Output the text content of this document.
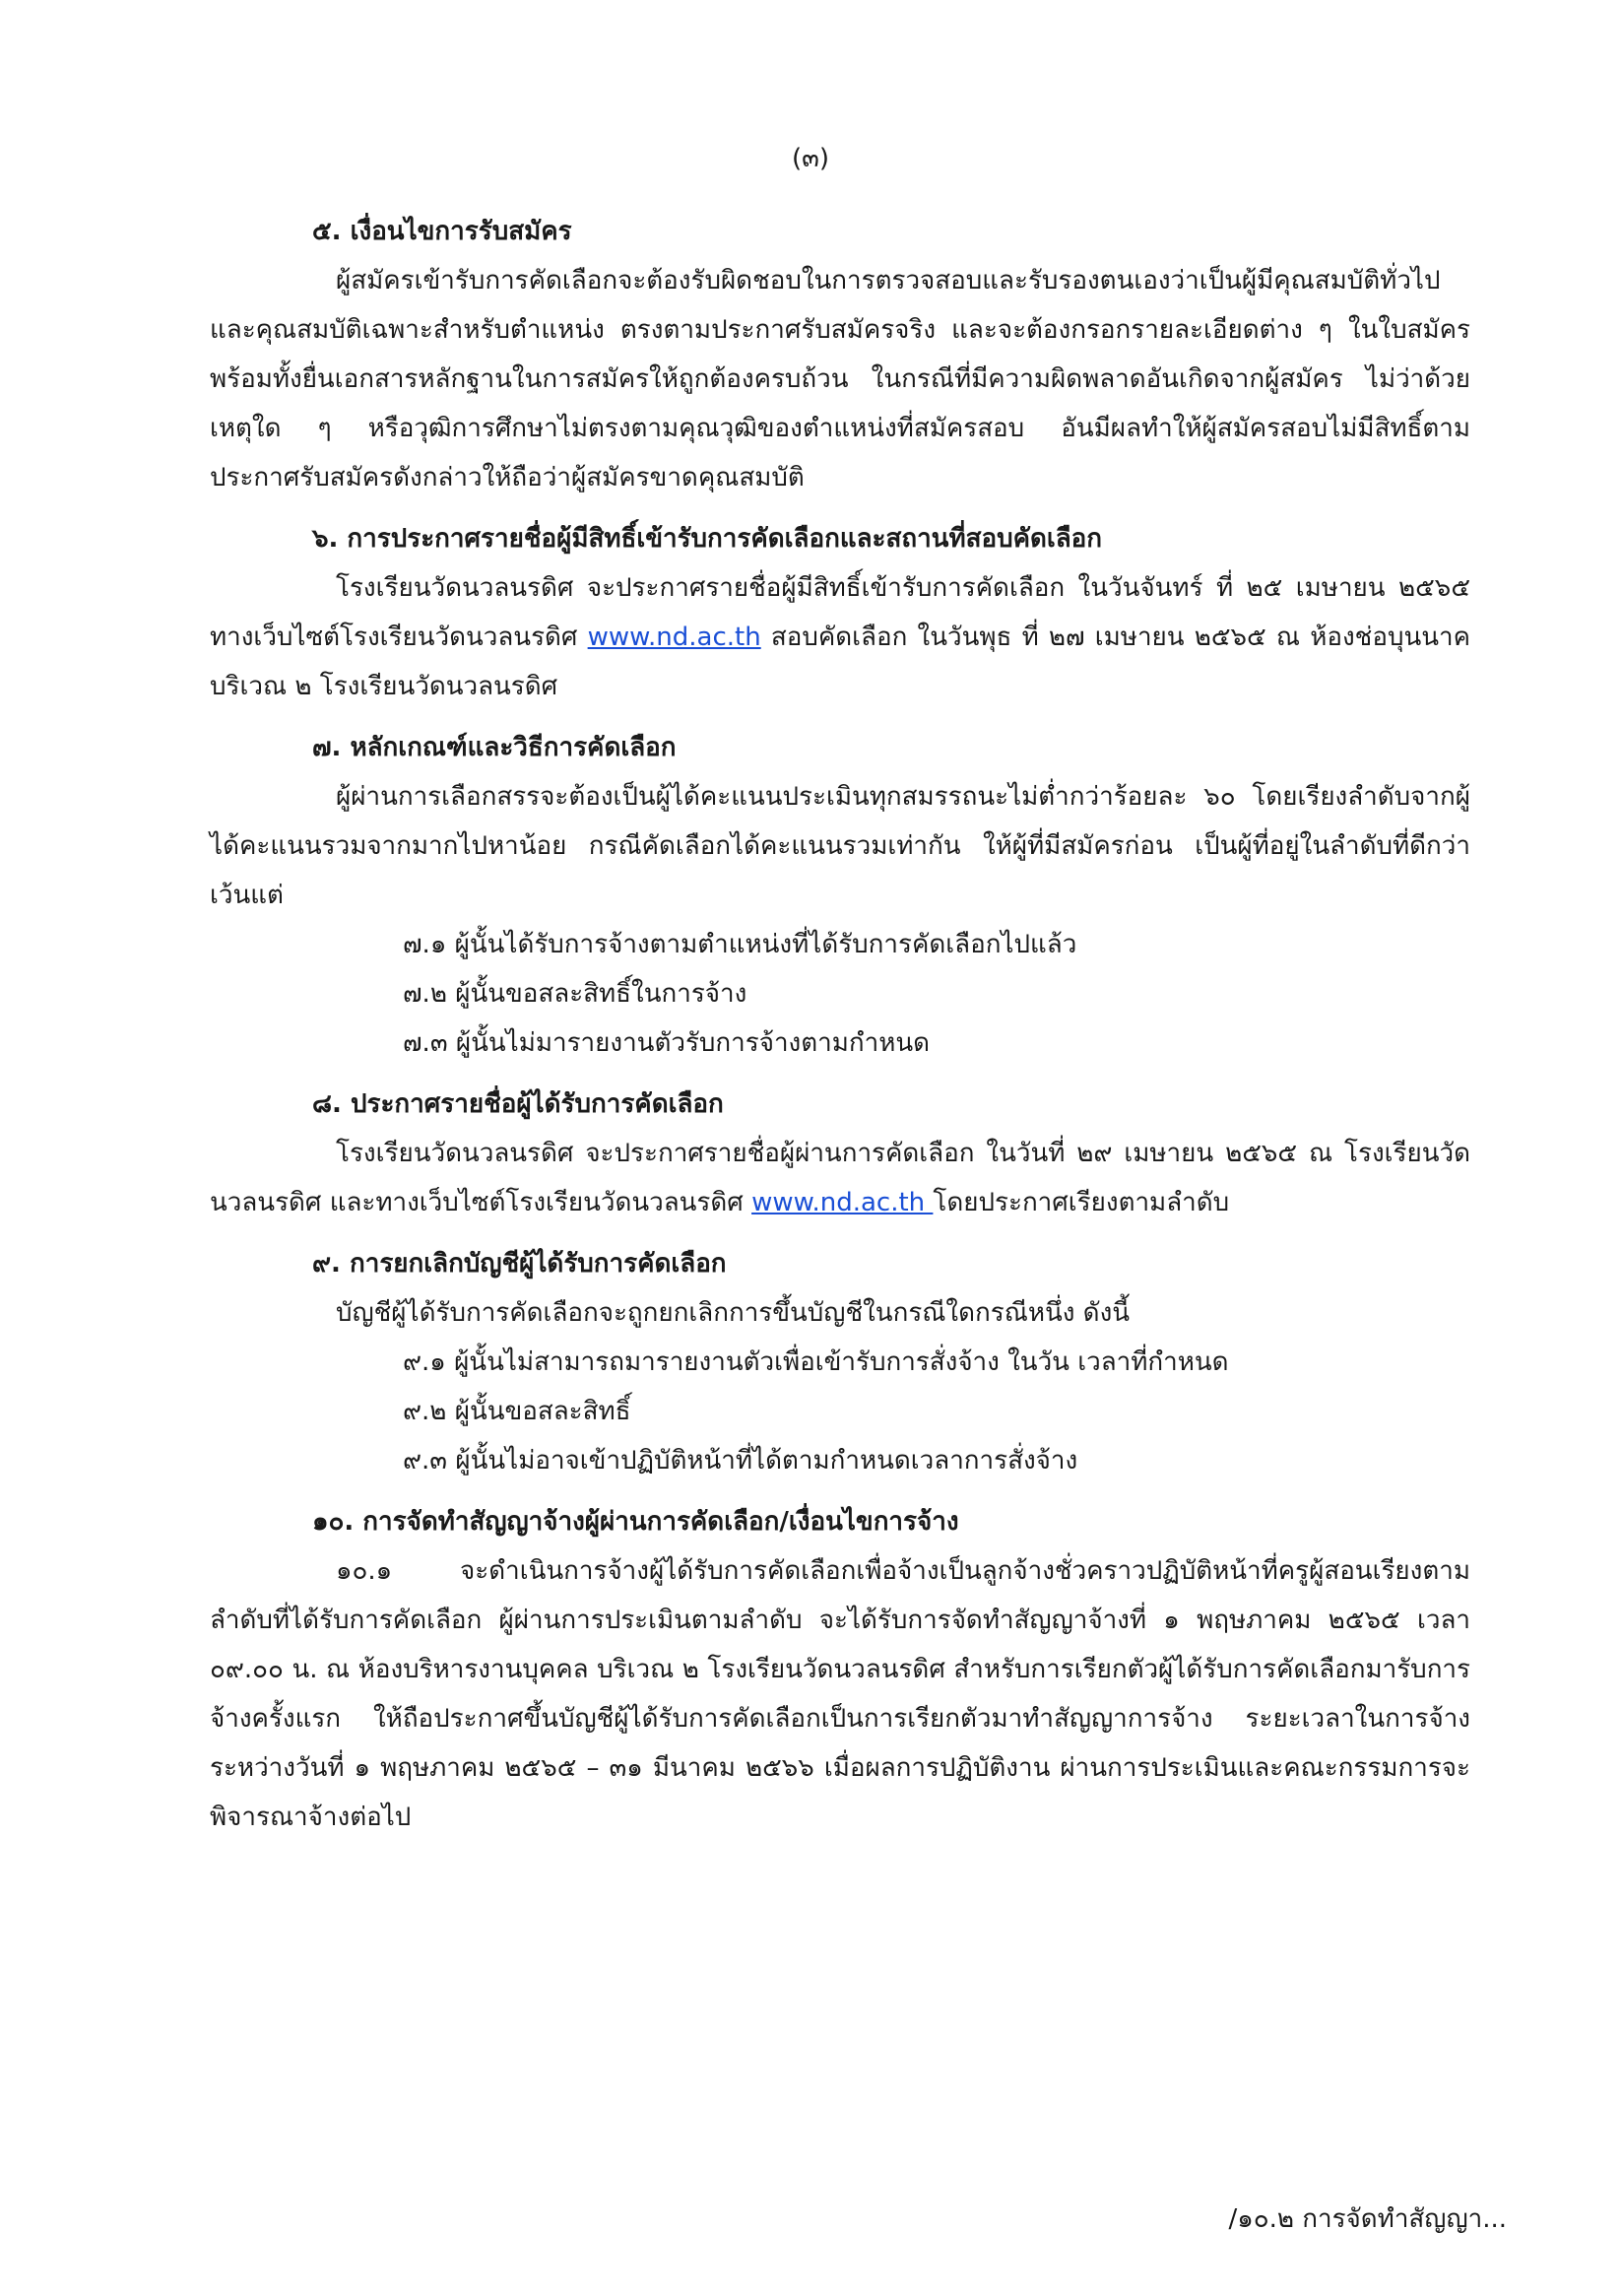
(๓)
๕. เงื่อนไขการรับสมัคร

ผู้สมัครเข้ารับการคัดเลือกจะต้องรับผิดชอบในการตรวจสอบและรับรองตนเองว่าเป็นผู้มีคุณสมบัติทั่วไป และคุณสมบัติเฉพาะสำหรับตำแหน่ง ตรงตามประกาศรับสมัครจริง และจะต้องกรอกรายละเอียดต่าง ๆ ในใบสมัคร พร้อมทั้งยื่นเอกสารหลักฐานในการสมัครให้ถูกต้องครบถ้วน ในกรณีที่มีความผิดพลาดอันเกิดจากผู้สมัคร ไม่ว่าด้วยเหตุใด ๆ หรือวุฒิการศึกษาไม่ตรงตามคุณวุฒิของตำแหน่งที่สมัครสอบ อันมีผลทำให้ผู้สมัครสอบไม่มีสิทธิ์ตามประกาศรับสมัครดังกล่าวให้ถือว่าผู้สมัครขาดคุณสมบัติ

๖. การประกาศรายชื่อผู้มีสิทธิ์เข้ารับการคัดเลือกและสถานที่สอบคัดเลือก

โรงเรียนวัดนวลนรดิศ จะประกาศรายชื่อผู้มีสิทธิ์เข้ารับการคัดเลือก ในวันจันทร์ ที่ ๒๕ เมษายน ๒๕๖๕ ทางเว็บไซต์โรงเรียนวัดนวลนรดิศ www.nd.ac.th สอบคัดเลือก ในวันพุธ ที่ ๒๗ เมษายน ๒๕๖๕ ณ ห้องช่อบุนนาค บริเวณ ๒ โรงเรียนวัดนวลนรดิศ

๗. หลักเกณฑ์และวิธีการคัดเลือก

ผู้ผ่านการเลือกสรรจะต้องเป็นผู้ได้คะแนนประเมินทุกสมรรถนะไม่ต่ำกว่าร้อยละ ๖๐ โดยเรียงลำดับจากผู้ได้คะแนนรวมจากมากไปหาน้อย กรณีคัดเลือกได้คะแนนรวมเท่ากัน ให้ผู้ที่มีสมัครก่อน เป็นผู้ที่อยู่ในลำดับที่ดีกว่า เว้นแต่

๗.๑ ผู้นั้นได้รับการจ้างตามตำแหน่งที่ได้รับการคัดเลือกไปแล้ว
๗.๒ ผู้นั้นขอสละสิทธิ์ในการจ้าง
๗.๓ ผู้นั้นไม่มารายงานตัวรับการจ้างตามกำหนด
๘. ประกาศรายชื่อผู้ได้รับการคัดเลือก

โรงเรียนวัดนวลนรดิศ จะประกาศรายชื่อผู้ผ่านการคัดเลือก ในวันที่ ๒๙ เมษายน ๒๕๖๕ ณ โรงเรียนวัดนวลนรดิศ และทางเว็บไซต์โรงเรียนวัดนวลนรดิศ www.nd.ac.th โดยประกาศเรียงตามลำดับ

๙. การยกเลิกบัญชีผู้ได้รับการคัดเลือก

บัญชีผู้ได้รับการคัดเลือกจะถูกยกเลิกการขึ้นบัญชีในกรณีใดกรณีหนึ่ง ดังนี้

๙.๑ ผู้นั้นไม่สามารถมารายงานตัวเพื่อเข้ารับการสั่งจ้าง ในวัน เวลาที่กำหนด
๙.๒ ผู้นั้นขอสละสิทธิ์
๙.๓ ผู้นั้นไม่อาจเข้าปฏิบัติหน้าที่ได้ตามกำหนดเวลาการสั่งจ้าง
๑๐. การจัดทำสัญญาจ้างผู้ผ่านการคัดเลือก/เงื่อนไขการจ้าง

๑๐.๑ จะดำเนินการจ้างผู้ได้รับการคัดเลือกเพื่อจ้างเป็นลูกจ้างชั่วคราวปฏิบัติหน้าที่ครูผู้สอนเรียงตามลำดับที่ได้รับการคัดเลือก ผู้ผ่านการประเมินตามลำดับ จะได้รับการจัดทำสัญญาจ้างที่ ๑ พฤษภาคม ๒๕๖๕ เวลา ๐๙.๐๐ น. ณ ห้องบริหารงานบุคคล บริเวณ ๒ โรงเรียนวัดนวลนรดิศ สำหรับการเรียกตัวผู้ได้รับการคัดเลือกมารับการจ้างครั้งแรก ให้ถือประกาศขึ้นบัญชีผู้ได้รับการคัดเลือกเป็นการเรียกตัวมาทำสัญญาการจ้าง ระยะเวลาในการจ้าง ระหว่างวันที่ ๑ พฤษภาคม ๒๕๖๕ – ๓๑ มีนาคม ๒๕๖๖ เมื่อผลการปฏิบัติงาน ผ่านการประเมินและคณะกรรมการจะพิจารณาจ้างต่อไป

/๑๐.๒ การจัดทำสัญญา...
